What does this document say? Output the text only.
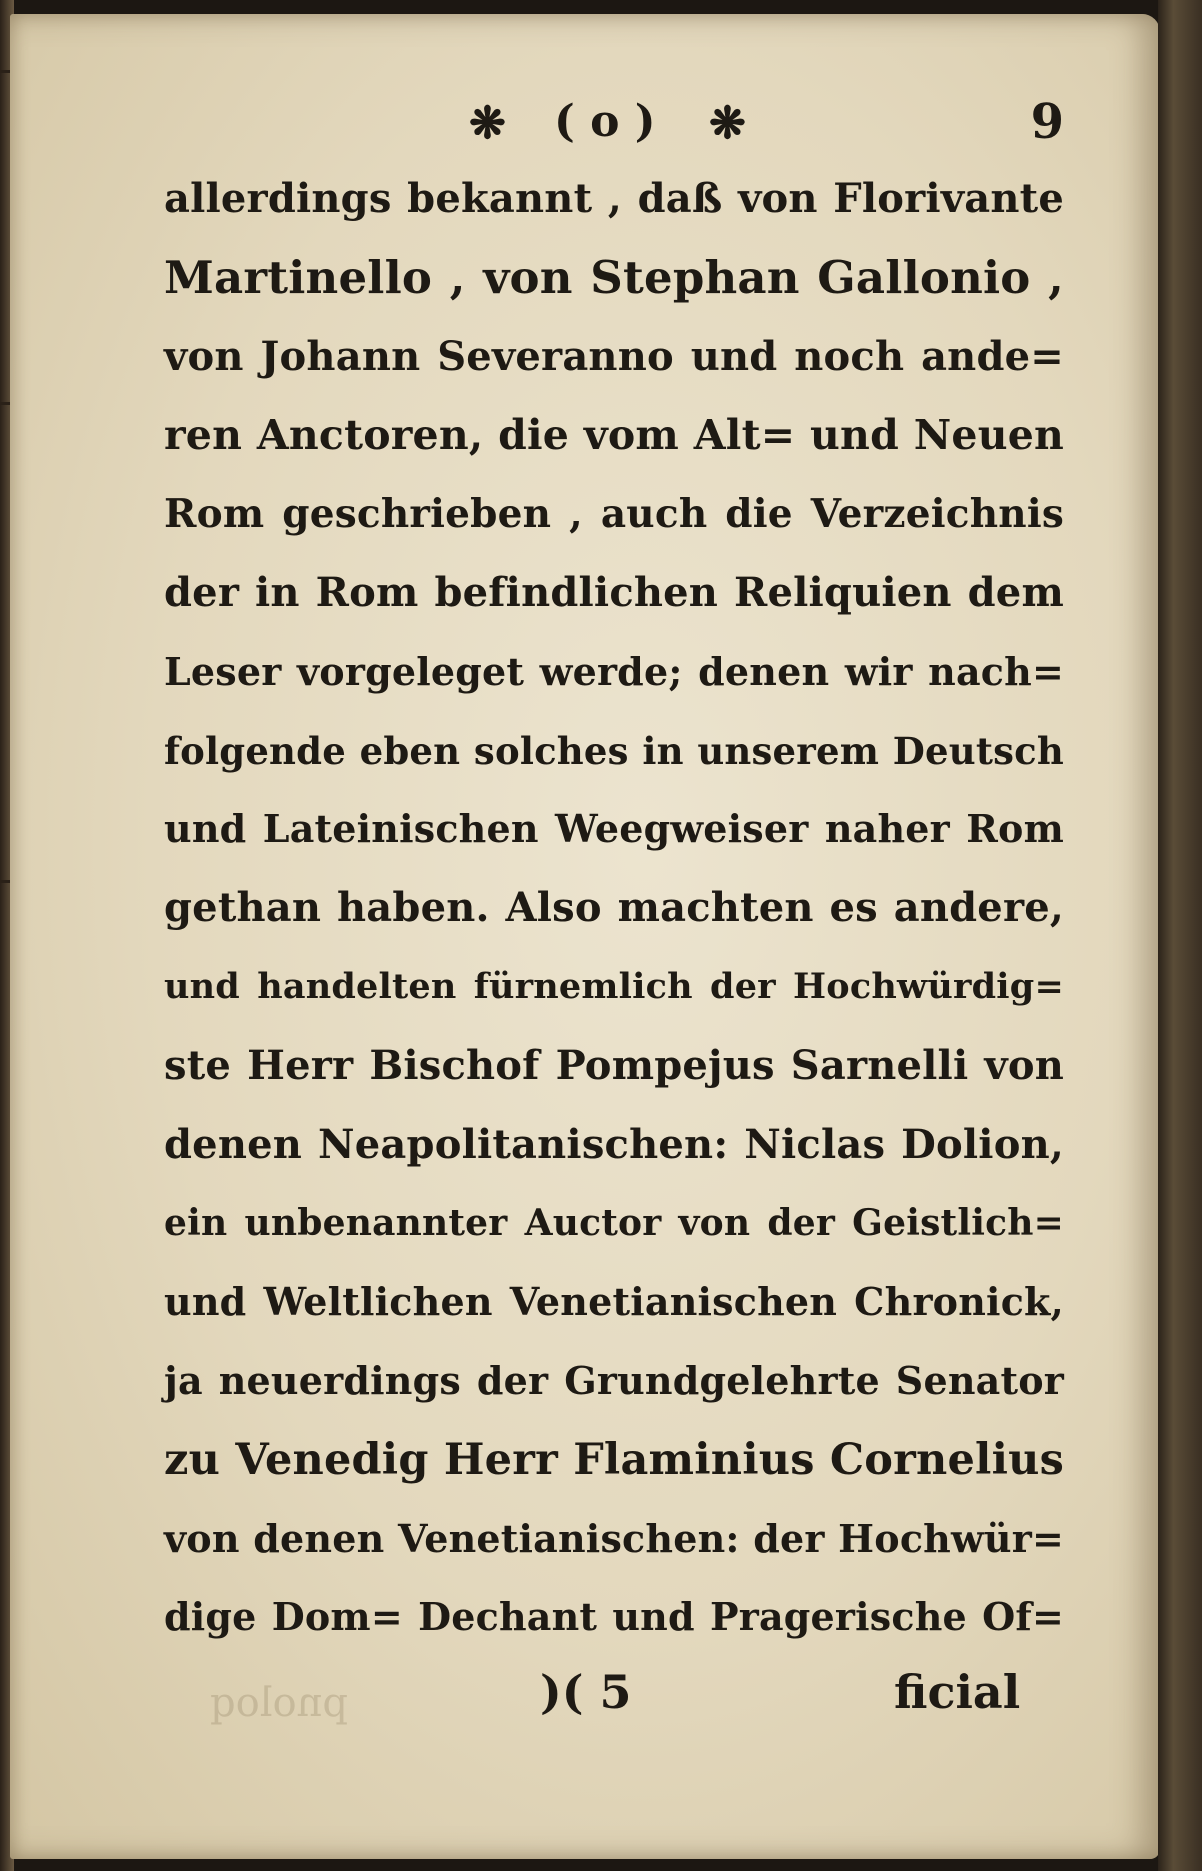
pnoloq
❋ ( o ) ❋	9
allerdings bekannt , daß von Florivante
Martinello , von Stephan Gallonio ,
von Johann Severanno und noch ande=
ren Anctoren, die vom Alt= und Neuen
Rom geschrieben , auch die Verzeichnis
der in Rom befindlichen Reliquien dem
Leser vorgeleget werde; denen wir nach=
folgende eben solches in unserem Deutsch
und Lateinischen Weegweiser naher Rom
gethan haben. Also machten es andere,
und handelten fürnemlich der Hochwürdig=
ste Herr Bischof Pompejus Sarnelli von
denen Neapolitanischen: Niclas Dolion,
ein unbenannter Auctor von der Geistlich=
und Weltlichen Venetianischen Chronick,
ja neuerdings der Grundgelehrte Senator
zu Venedig Herr Flaminius Cornelius
von denen Venetianischen: der Hochwür=
dige Dom= Dechant und Pragerische Of=
)( 5	ficial
